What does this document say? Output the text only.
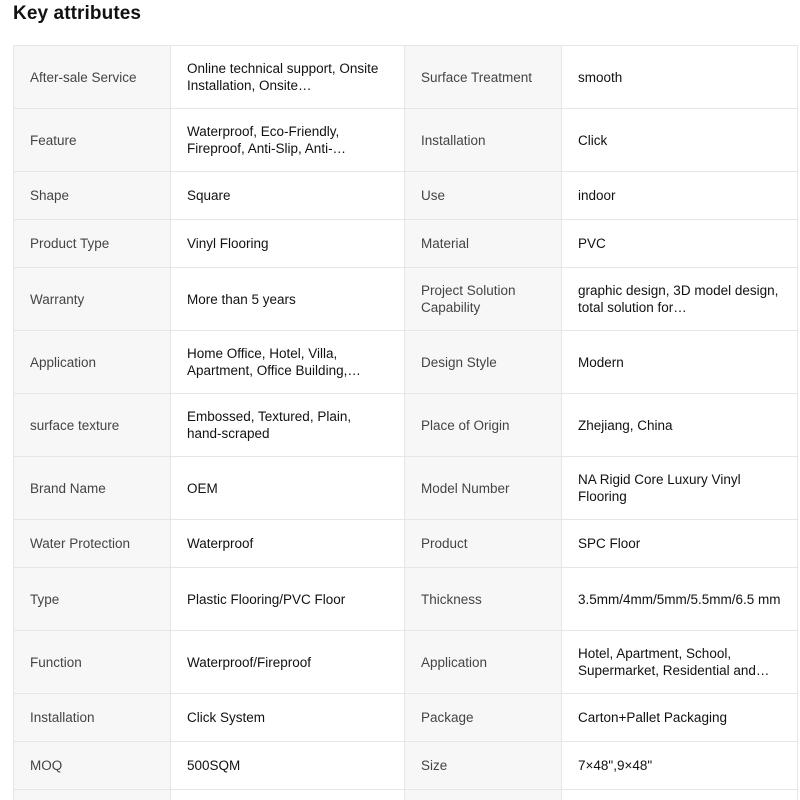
Key attributes
After-sale Service	Online technical support, Onsite Installation, Onsite…	Surface Treatment	smooth

Feature	Waterproof, Eco-Friendly, Fireproof, Anti-Slip, Anti-…	Installation	Click

Shape	Square	Use	indoor

Product Type	Vinyl Flooring	Material	PVC

Warranty	More than 5 years	Project Solution Capability	graphic design, 3D model design, total solution for…

Application	Home Office, Hotel, Villa, Apartment, Office Building,…	Design Style	Modern

surface texture	Embossed, Textured, Plain, hand-scraped	Place of Origin	Zhejiang, China

Brand Name	OEM	Model Number	NA Rigid Core Luxury Vinyl Flooring

Water Protection	Waterproof	Product	SPC Floor

Type	Plastic Flooring/PVC Floor	Thickness	3.5mm/4mm/5mm/5.5mm/6.5 mm

Function	Waterproof/Fireproof	Application	Hotel, Apartment, School, Supermarket, Residential and…

Installation	Click System	Package	Carton+Pallet Packaging

MOQ	500SQM	Size	7×48",9×48"
